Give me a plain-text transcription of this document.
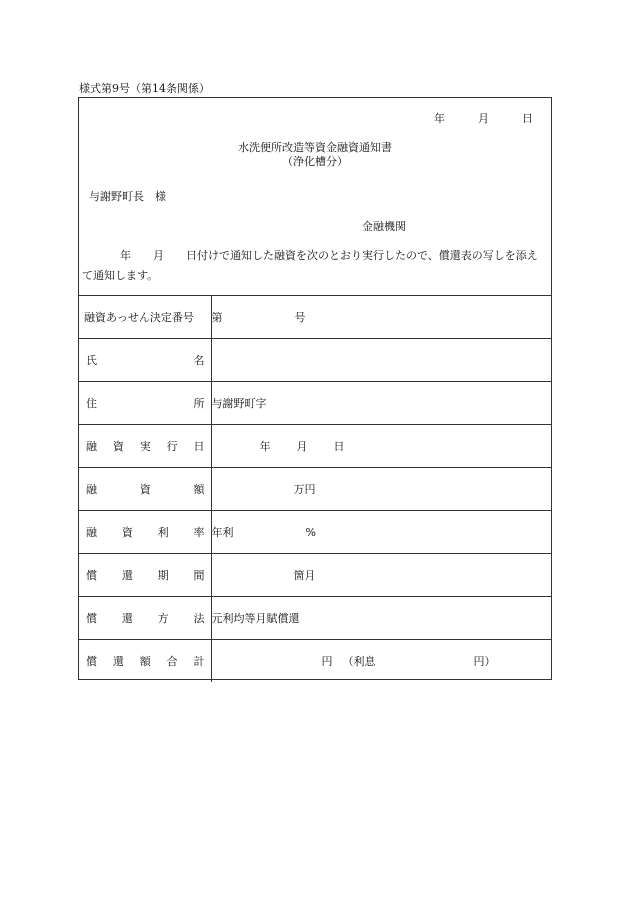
様式第9号（第14条関係）
年	月	日
水洗便所改造等資金融資通知書
（浄化槽分）
与謝野町長　様
金融機関
年 月 日付けで通知した融資を次のとおり実行したので、償還表の写しを添えて通知します。
融資あっせん決定番号	第 号

氏 名	

住 所	与謝野町字

融 資 実 行 日	年 月 日

融 資 額	万円

融 資 利 率	年利 %

償 還 期 間	箇月

償 還 方 法	元利均等月賦償還

償 還 額 合 計	円 （利息 円）
